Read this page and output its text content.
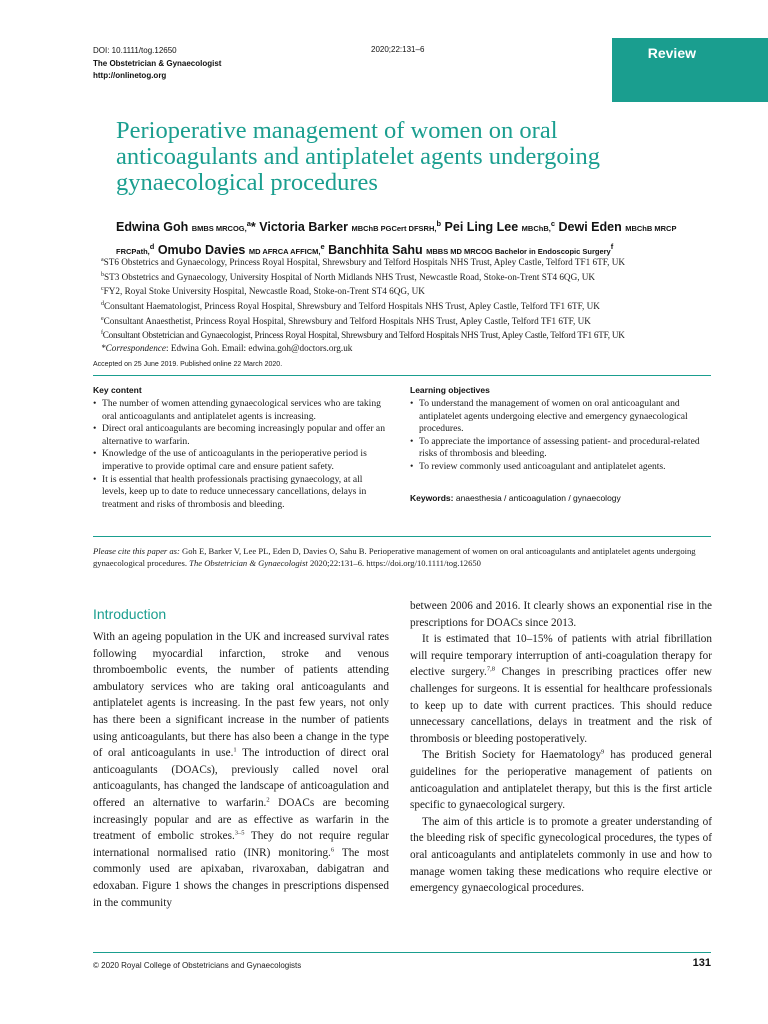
DOI: 10.1111/tog.12650
The Obstetrician & Gynaecologist
http://onlinetog.org
2020;22:131–6	Review
Perioperative management of women on oral
anticoagulants and antiplatelet agents undergoing
gynaecological procedures
Edwina Goh BMBS MRCOG,$^a$* Victoria Barker MBChB PGCert DFSRH,$^b$ Pei Ling Lee MBChB,$^c$ Dewi Eden MBChB MRCP FRCPath,$^d$ Omubo Davies MD AFRCA AFFICM,$^e$ Banchhita Sahu MBBS MD MRCOG Bachelor in Endoscopic Surgery$^f$
$^a$ST6 Obstetrics and Gynaecology, Princess Royal Hospital, Shrewsbury and Telford Hospitals NHS Trust, Apley Castle, Telford TF1 6TF, UK
$^b$ST3 Obstetrics and Gynaecology, University Hospital of North Midlands NHS Trust, Newcastle Road, Stoke-on-Trent ST4 6QG, UK
$^c$FY2, Royal Stoke University Hospital, Newcastle Road, Stoke-on-Trent ST4 6QG, UK
$^d$Consultant Haematologist, Princess Royal Hospital, Shrewsbury and Telford Hospitals NHS Trust, Apley Castle, Telford TF1 6TF, UK
$^e$Consultant Anaesthetist, Princess Royal Hospital, Shrewsbury and Telford Hospitals NHS Trust, Apley Castle, Telford TF1 6TF, UK
$^f$Consultant Obstetrician and Gynaecologist, Princess Royal Hospital, Shrewsbury and Telford Hospitals NHS Trust, Apley Castle, Telford TF1 6TF, UK
*Correspondence: Edwina Goh. Email: edwina.goh@doctors.org.uk
Accepted on 25 June 2019. Published online 22 March 2020.
Key content
• The number of women attending gynaecological services who are taking oral anticoagulants and antiplatelet agents is increasing.
• Direct oral anticoagulants are becoming increasingly popular and offer an alternative to warfarin.
• Knowledge of the use of anticoagulants in the perioperative period is imperative to provide optimal care and ensure patient safety.
• It is essential that health professionals practising gynaecology, at all levels, keep up to date to reduce unnecessary cancellations, delays in treatment and risks of thrombosis and bleeding.
Learning objectives
• To understand the management of women on oral anticoagulant and antiplatelet agents undergoing elective and emergency gynaecological procedures.
• To appreciate the importance of assessing patient- and procedural-related risks of thrombosis and bleeding.
• To review commonly used anticoagulant and antiplatelet agents.
Keywords: anaesthesia / anticoagulation / gynaecology
Please cite this paper as: Goh E, Barker V, Lee PL, Eden D, Davies O, Sahu B. Perioperative management of women on oral anticoagulants and antiplatelet agents undergoing gynaecological procedures. The Obstetrician & Gynaecologist 2020;22:131–6. https://doi.org/10.1111/tog.12650
Introduction

With an ageing population in the UK and increased survival rates following myocardial infarction, stroke and venous thromboembolic events, the number of patients attending ambulatory services who are taking oral anticoagulants and antiplatelet agents is increasing. In the past few years, not only has there been a significant increase in the number of patients using anticoagulants, but there has also been a change in the type of oral anticoagulants in use.$^1$ The introduction of direct oral anticoagulants (DOACs), previously called novel oral anticoagulants, has changed the landscape of anticoagulation and offered an alternative to warfarin.$^2$ DOACs are becoming increasingly popular and are as effective as warfarin in the treatment of embolic strokes.$^{3-5}$ They do not require regular international normalised ratio (INR) monitoring.$^6$ The most commonly used are apixaban, rivaroxaban, dabigatran and edoxaban. Figure 1 shows the changes in prescriptions dispensed in the community

between 2006 and 2016. It clearly shows an exponential rise in the prescriptions for DOACs since 2013.

It is estimated that 10–15% of patients with atrial fibrillation will require temporary interruption of anti-coagulation therapy for elective surgery.$^{7,8}$ Changes in prescribing practices offer new challenges for surgeons. It is essential for healthcare professionals to keep up to date with current practices. This should reduce unnecessary cancellations, delays in treatment and the risk of thrombosis or bleeding postoperatively.

The British Society for Haematology$^9$ has produced general guidelines for the perioperative management of patients on anticoagulation and antiplatelet therapy, but this is the first article specific to gynaecological surgery.

The aim of this article is to promote a greater understanding of the bleeding risk of specific gynecological procedures, the types of oral anticoagulants and antiplatelets commonly in use and how to manage women taking these medications who require elective or emergency gynaecological procedures.

© 2020 Royal College of Obstetricians and Gynaecologists	131
